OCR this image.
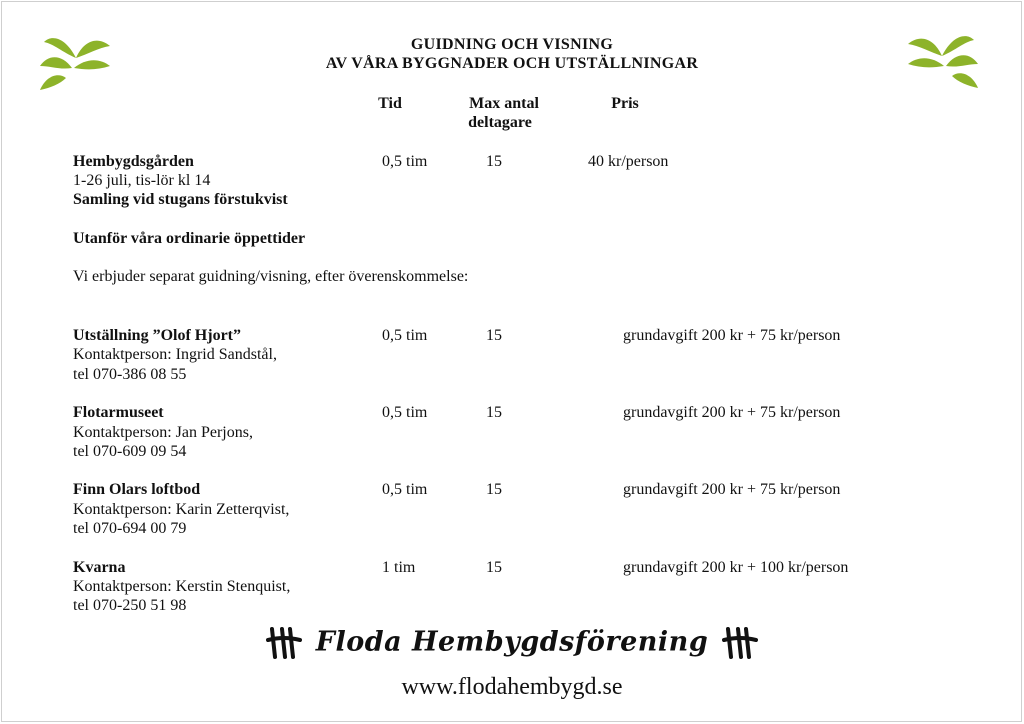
GUIDNING OCH VISNING
AV VÅRA BYGGNADER OCH UTSTÄLLNINGAR
Tid	Max antal
deltagare
Pris
Hembygdsgården
1-26 juli, tis-lör kl 14
Samling vid stugans förstukvist
0,5 tim	15	40 kr/person
Utanför våra ordinarie öppettider
Vi erbjuder separat guidning/visning, efter överenskommelse:
Utställning ”Olof Hjort”
Kontaktperson: Ingrid Sandstål,
tel 070-386 08 55
0,5 tim	15	grundavgift 200 kr + 75 kr/person
Flotarmuseet
Kontaktperson: Jan Perjons,
tel 070-609 09 54
0,5 tim	15	grundavgift 200 kr + 75 kr/person
Finn Olars loftbod
Kontaktperson: Karin Zetterqvist,
tel 070-694 00 79
0,5 tim	15	grundavgift 200 kr + 75 kr/person
Kvarna
Kontaktperson: Kerstin Stenquist,
tel 070-250 51 98
1 tim	15	grundavgift 200 kr + 100 kr/person
Floda Hembygdsförening
www.flodahembygd.se
